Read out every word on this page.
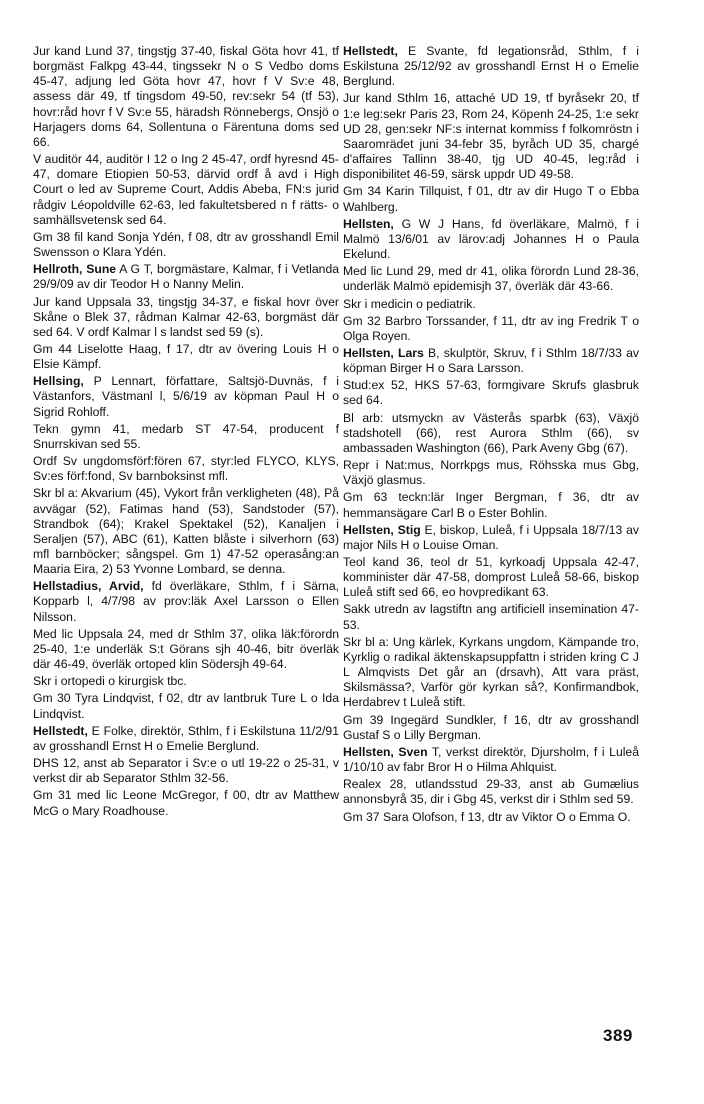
Jur kand Lund 37, tingstjg 37-40, fiskal Göta hovr 41, tf borgmäst Falkpg 43-44, tingssekr N o S Vedbo doms 45-47, adjung led Göta hovr 47, hovr f V Sv:e 48, assess där 49, tf tingsdom 49-50, rev:sekr 54 (tf 53), hovr:råd hovr f V Sv:e 55, häradsh Rönnebergs, Onsjö o Harjagers doms 64, Sollentuna o Färentuna doms sed 66.

V auditör 44, auditör I 12 o Ing 2 45-47, ordf hyresnd 45-47, domare Etiopien 50-53, därvid ordf å avd i High Court o led av Supreme Court, Addis Abeba, FN:s jurid rådgiv Léopoldville 62-63, led fakultetsbered n f rätts- o samhällsvetensk sed 64.

Gm 38 fil kand Sonja Ydén, f 08, dtr av grosshandl Emil Swensson o Klara Ydén.

Hellroth, Sune A G T, borgmästare, Kalmar, f i Vetlanda 29/9/09 av dir Teodor H o Nanny Melin.

Jur kand Uppsala 33, tingstjg 34-37, e fiskal hovr över Skåne o Blek 37, rådman Kalmar 42-63, borgmäst där sed 64. V ordf Kalmar l s landst sed 59 (s).

Gm 44 Liselotte Haag, f 17, dtr av övering Louis H o Elsie Kämpf.

Hellsing, P Lennart, författare, Saltsjö-Duvnäs, f i Västanfors, Västmanl l, 5/6/19 av köpman Paul H o Sigrid Rohloff.

Tekn gymn 41, medarb ST 47-54, producent f Snurrskivan sed 55.

Ordf Sv ungdomsförf:fören 67, styr:led FLYCO, KLYS, Sv:es förf:fond, Sv barnboksinst mfl.

Skr bl a: Akvarium (45), Vykort från verkligheten (48), På avvägar (52), Fatimas hand (53), Sandstoder (57), Strandbok (64); Krakel Spektakel (52), Kanaljen i Seraljen (57), ABC (61), Katten blåste i silverhorn (63) mfl barnböcker; sångspel. Gm 1) 47-52 operasång:an Maaria Eira, 2) 53 Yvonne Lombard, se denna.

Hellstadius, Arvid, fd överläkare, Sthlm, f i Särna, Kopparb l, 4/7/98 av prov:läk Axel Larsson o Ellen Nilsson.

Med lic Uppsala 24, med dr Sthlm 37, olika läk:förordn 25-40, 1:e underläk S:t Görans sjh 40-46, bitr överläk där 46-49, överläk ortoped klin Södersjh 49-64.

Skr i ortopedi o kirurgisk tbc.

Gm 30 Tyra Lindqvist, f 02, dtr av lantbruk Ture L o Ida Lindqvist.

Hellstedt, E Folke, direktör, Sthlm, f i Eskilstuna 11/2/91 av grosshandl Ernst H o Emelie Berglund.

DHS 12, anst ab Separator i Sv:e o utl 19-22 o 25-31, v verkst dir ab Separator Sthlm 32-56.

Gm 31 med lic Leone McGregor, f 00, dtr av Matthew McG o Mary Roadhouse.

Hellstedt, E Svante, fd legationsråd, Sthlm, f i Eskilstuna 25/12/92 av grosshandl Ernst H o Emelie Berglund.

Jur kand Sthlm 16, attaché UD 19, tf byråsekr 20, tf 1:e leg:sekr Paris 23, Rom 24, Köpenh 24-25, 1:e sekr UD 28, gen:sekr NF:s internat kommiss f folkomröstn i Saaromrädet juni 34-febr 35, byråch UD 35, chargé d'affaires Tallinn 38-40, tjg UD 40-45, leg:råd i disponibilitet 46-59, särsk uppdr UD 49-58.

Gm 34 Karin Tillquist, f 01, dtr av dir Hugo T o Ebba Wahlberg.

Hellsten, G W J Hans, fd överläkare, Malmö, f i Malmö 13/6/01 av lärov:adj Johannes H o Paula Ekelund.

Med lic Lund 29, med dr 41, olika förordn Lund 28-36, underläk Malmö epidemisjh 37, överläk där 43-66.

Skr i medicin o pediatrik.

Gm 32 Barbro Torssander, f 11, dtr av ing Fredrik T o Olga Royen.

Hellsten, Lars B, skulptör, Skruv, f i Sthlm 18/7/33 av köpman Birger H o Sara Larsson.

Stud:ex 52, HKS 57-63, formgivare Skrufs glasbruk sed 64.

Bl arb: utsmyckn av Västerås sparbk (63), Växjö stadshotell (66), rest Aurora Sthlm (66), sv ambassaden Washington (66), Park Aveny Gbg (67).

Repr i Nat:mus, Norrkpgs mus, Röhsska mus Gbg, Växjö glasmus.

Gm 63 teckn:lär Inger Bergman, f 36, dtr av hemmansägare Carl B o Ester Bohlin.

Hellsten, Stig E, biskop, Luleå, f i Uppsala 18/7/13 av major Nils H o Louise Oman.

Teol kand 36, teol dr 51, kyrkoadj Uppsala 42-47, komminister där 47-58, domprost Luleå 58-66, biskop Luleå stift sed 66, eo hovpredikant 63.

Sakk utredn av lagstiftn ang artificiell insemination 47-53.

Skr bl a: Ung kärlek, Kyrkans ungdom, Kämpande tro, Kyrklig o radikal äktenskapsuppfattn i striden kring C J L Almqvists Det går an (drsavh), Att vara präst, Skilsmässa?, Varför gör kyrkan så?, Konfirmandbok, Herdabrev t Luleå stift.

Gm 39 Ingegärd Sundkler, f 16, dtr av grosshandl Gustaf S o Lilly Bergman.

Hellsten, Sven T, verkst direktör, Djursholm, f i Luleå 1/10/10 av fabr Bror H o Hilma Ahlquist.

Realex 28, utlandsstud 29-33, anst ab Gumælius annonsbyrå 35, dir i Gbg 45, verkst dir i Sthlm sed 59.

Gm 37 Sara Olofson, f 13, dtr av Viktor O o Emma O.

389
